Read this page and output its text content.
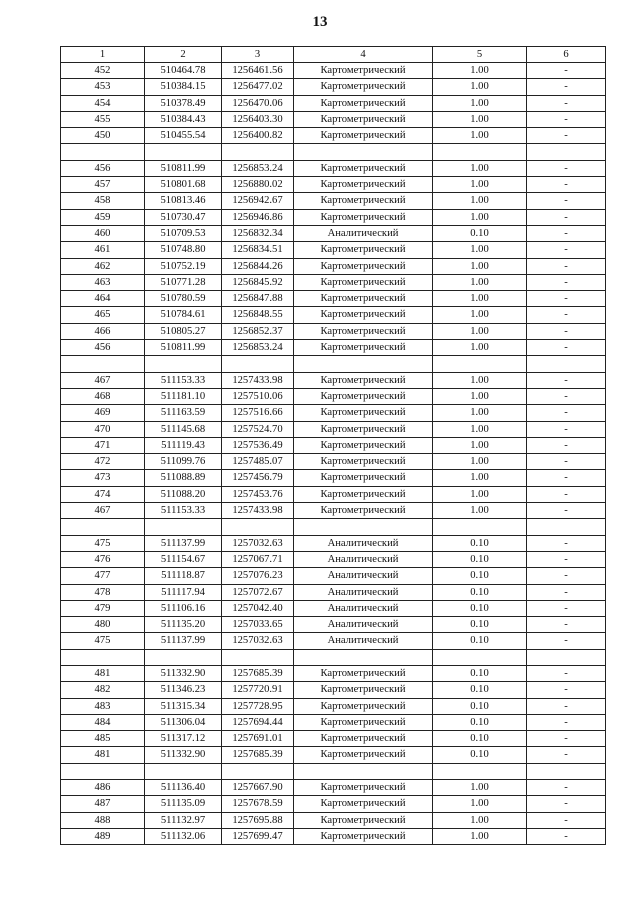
13
1	2	3	4	5	6
452	510464.78	1256461.56	Картометрический	1.00	-
453	510384.15	1256477.02	Картометрический	1.00	-
454	510378.49	1256470.06	Картометрический	1.00	-
455	510384.43	1256403.30	Картометрический	1.00	-
450	510455.54	1256400.82	Картометрический	1.00	-

456	510811.99	1256853.24	Картометрический	1.00	-
457	510801.68	1256880.02	Картометрический	1.00	-
458	510813.46	1256942.67	Картометрический	1.00	-
459	510730.47	1256946.86	Картометрический	1.00	-
460	510709.53	1256832.34	Аналитический	0.10	-
461	510748.80	1256834.51	Картометрический	1.00	-
462	510752.19	1256844.26	Картометрический	1.00	-
463	510771.28	1256845.92	Картометрический	1.00	-
464	510780.59	1256847.88	Картометрический	1.00	-
465	510784.61	1256848.55	Картометрический	1.00	-
466	510805.27	1256852.37	Картометрический	1.00	-
456	510811.99	1256853.24	Картометрический	1.00	-

467	511153.33	1257433.98	Картометрический	1.00	-
468	511181.10	1257510.06	Картометрический	1.00	-
469	511163.59	1257516.66	Картометрический	1.00	-
470	511145.68	1257524.70	Картометрический	1.00	-
471	511119.43	1257536.49	Картометрический	1.00	-
472	511099.76	1257485.07	Картометрический	1.00	-
473	511088.89	1257456.79	Картометрический	1.00	-
474	511088.20	1257453.76	Картометрический	1.00	-
467	511153.33	1257433.98	Картометрический	1.00	-

475	511137.99	1257032.63	Аналитический	0.10	-
476	511154.67	1257067.71	Аналитический	0.10	-
477	511118.87	1257076.23	Аналитический	0.10	-
478	511117.94	1257072.67	Аналитический	0.10	-
479	511106.16	1257042.40	Аналитический	0.10	-
480	511135.20	1257033.65	Аналитический	0.10	-
475	511137.99	1257032.63	Аналитический	0.10	-

481	511332.90	1257685.39	Картометрический	0.10	-
482	511346.23	1257720.91	Картометрический	0.10	-
483	511315.34	1257728.95	Картометрический	0.10	-
484	511306.04	1257694.44	Картометрический	0.10	-
485	511317.12	1257691.01	Картометрический	0.10	-
481	511332.90	1257685.39	Картометрический	0.10	-

486	511136.40	1257667.90	Картометрический	1.00	-
487	511135.09	1257678.59	Картометрический	1.00	-
488	511132.97	1257695.88	Картометрический	1.00	-
489	511132.06	1257699.47	Картометрический	1.00	-
